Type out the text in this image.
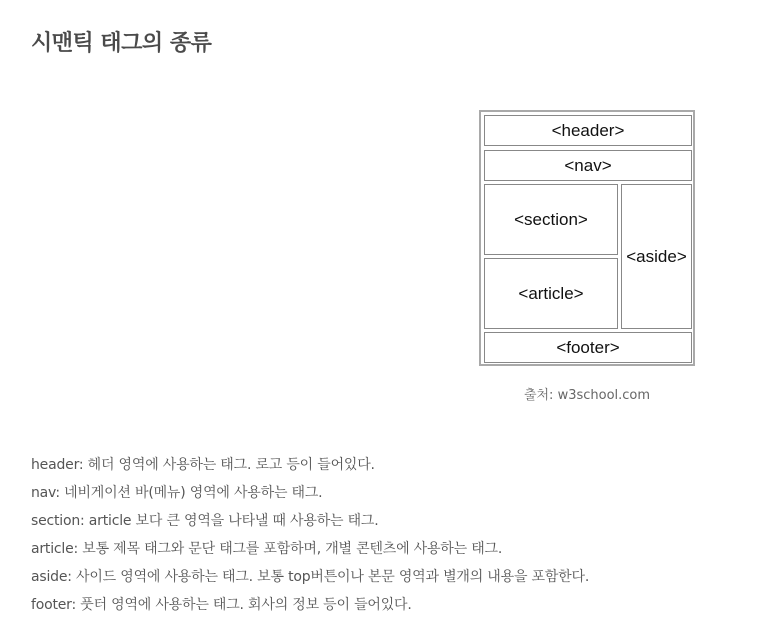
시맨틱 태그의 종류
<header>
<nav>
<section>
<article>
<aside>
<footer>
출처: w3school.com
header: 헤더 영역에 사용하는 태그. 로고 등이 들어있다.
nav: 네비게이션 바(메뉴) 영역에 사용하는 태그.
section: article 보다 큰 영역을 나타낼 때 사용하는 태그.
article: 보통 제목 태그와 문단 태그를 포함하며, 개별 콘텐츠에 사용하는 태그.
aside: 사이드 영역에 사용하는 태그. 보통 top버튼이나 본문 영역과 별개의 내용을 포함한다.
footer: 풋터 영역에 사용하는 태그. 회사의 정보 등이 들어있다.
